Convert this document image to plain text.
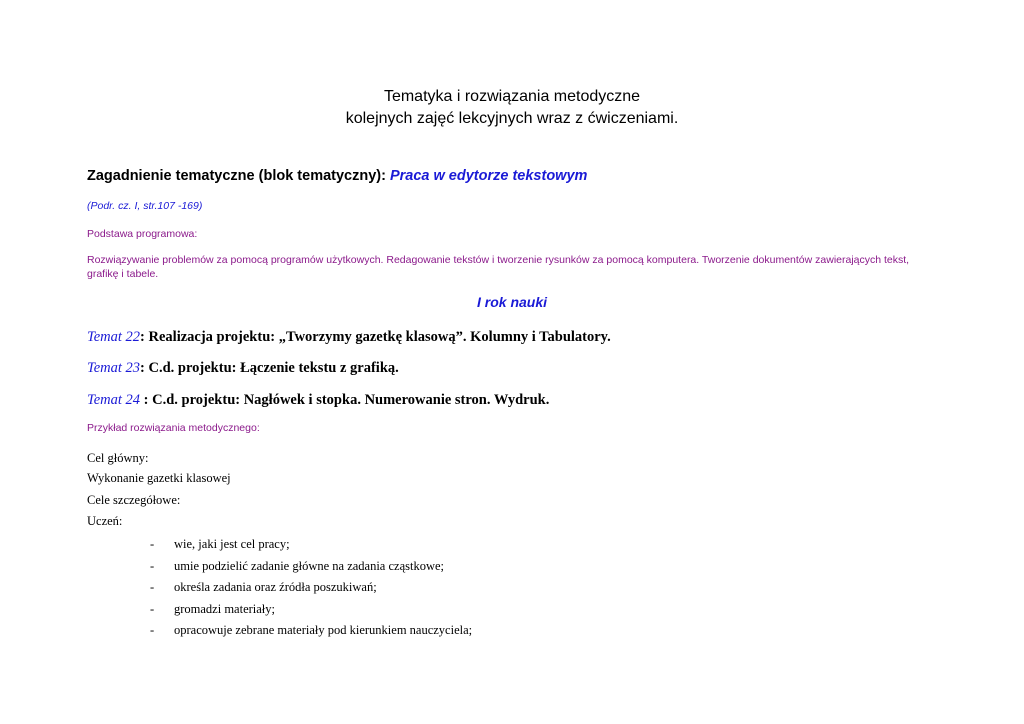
Tematyka i rozwiązania metodyczne
kolejnych zajęć lekcyjnych wraz z ćwiczeniami.
Zagadnienie tematyczne (blok tematyczny): Praca w edytorze tekstowym
(Podr. cz. I, str.107 -169)
Podstawa programowa:
Rozwiązywanie problemów za pomocą programów użytkowych. Redagowanie tekstów i tworzenie rysunków za pomocą komputera. Tworzenie dokumentów zawierających tekst, grafikę i tabele.
I rok nauki
Temat 22: Realizacja projektu: „Tworzymy gazetkę klasową”. Kolumny i Tabulatory.
Temat 23: C.d. projektu: Łączenie tekstu z grafiką.
Temat 24 : C.d. projektu: Nagłówek i stopka. Numerowanie stron. Wydruk.
Przykład rozwiązania metodycznego:
Cel główny:
Wykonanie gazetki klasowej
Cele szczegółowe:
Uczeń:
- wie, jaki jest cel pracy;
- umie podzielić zadanie główne na zadania cząstkowe;
- określa zadania oraz źródła poszukiwań;
- gromadzi materiały;
- opracowuje zebrane materiały pod kierunkiem nauczyciela;
